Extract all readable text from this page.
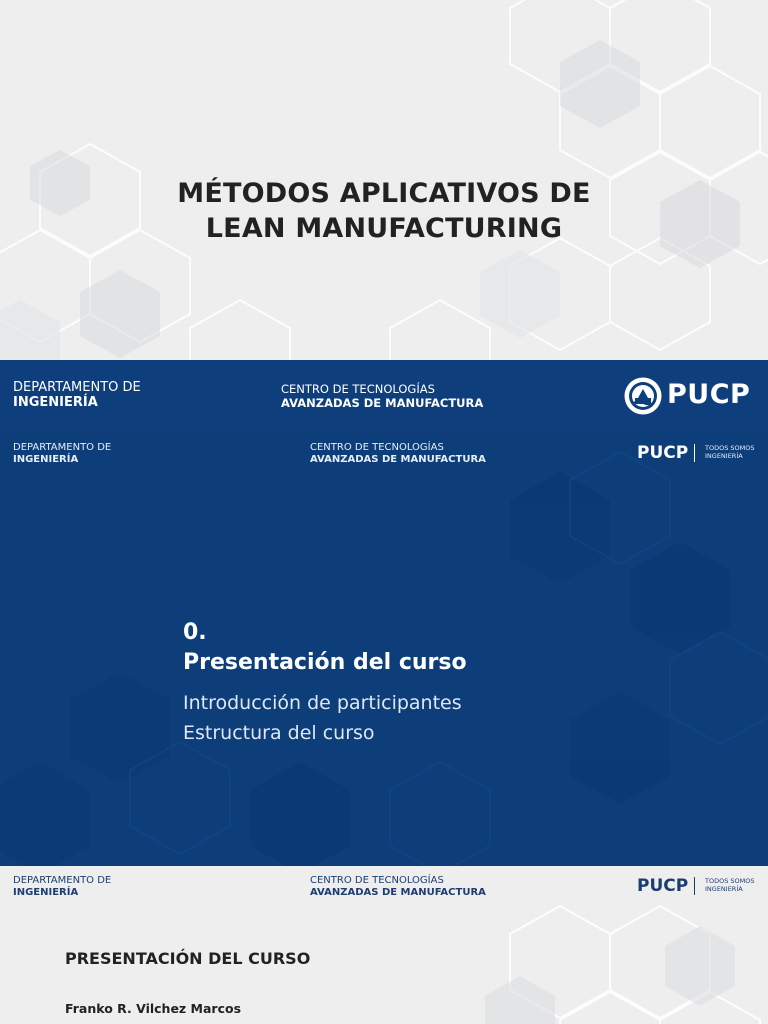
MÉTODOS APLICATIVOS DE
LEAN MANUFACTURING
DEPARTAMENTO DE
INGENIERÍA
CENTRO DE TECNOLOGÍAS
AVANZADAS DE MANUFACTURA	PUCP
DEPARTAMENTO DE
INGENIERÍA
CENTRO DE TECNOLOGÍAS
AVANZADAS DE MANUFACTURA	PUCP	TODOS SOMOS
INGENIERÍA
0.
Presentación del curso
Introducción de participantes
Estructura del curso
DEPARTAMENTO DE
INGENIERÍA
CENTRO DE TECNOLOGÍAS
AVANZADAS DE MANUFACTURA	PUCP	TODOS SOMOS
INGENIERÍA
PRESENTACIÓN DEL CURSO
Franko R. Vilchez Marcos
